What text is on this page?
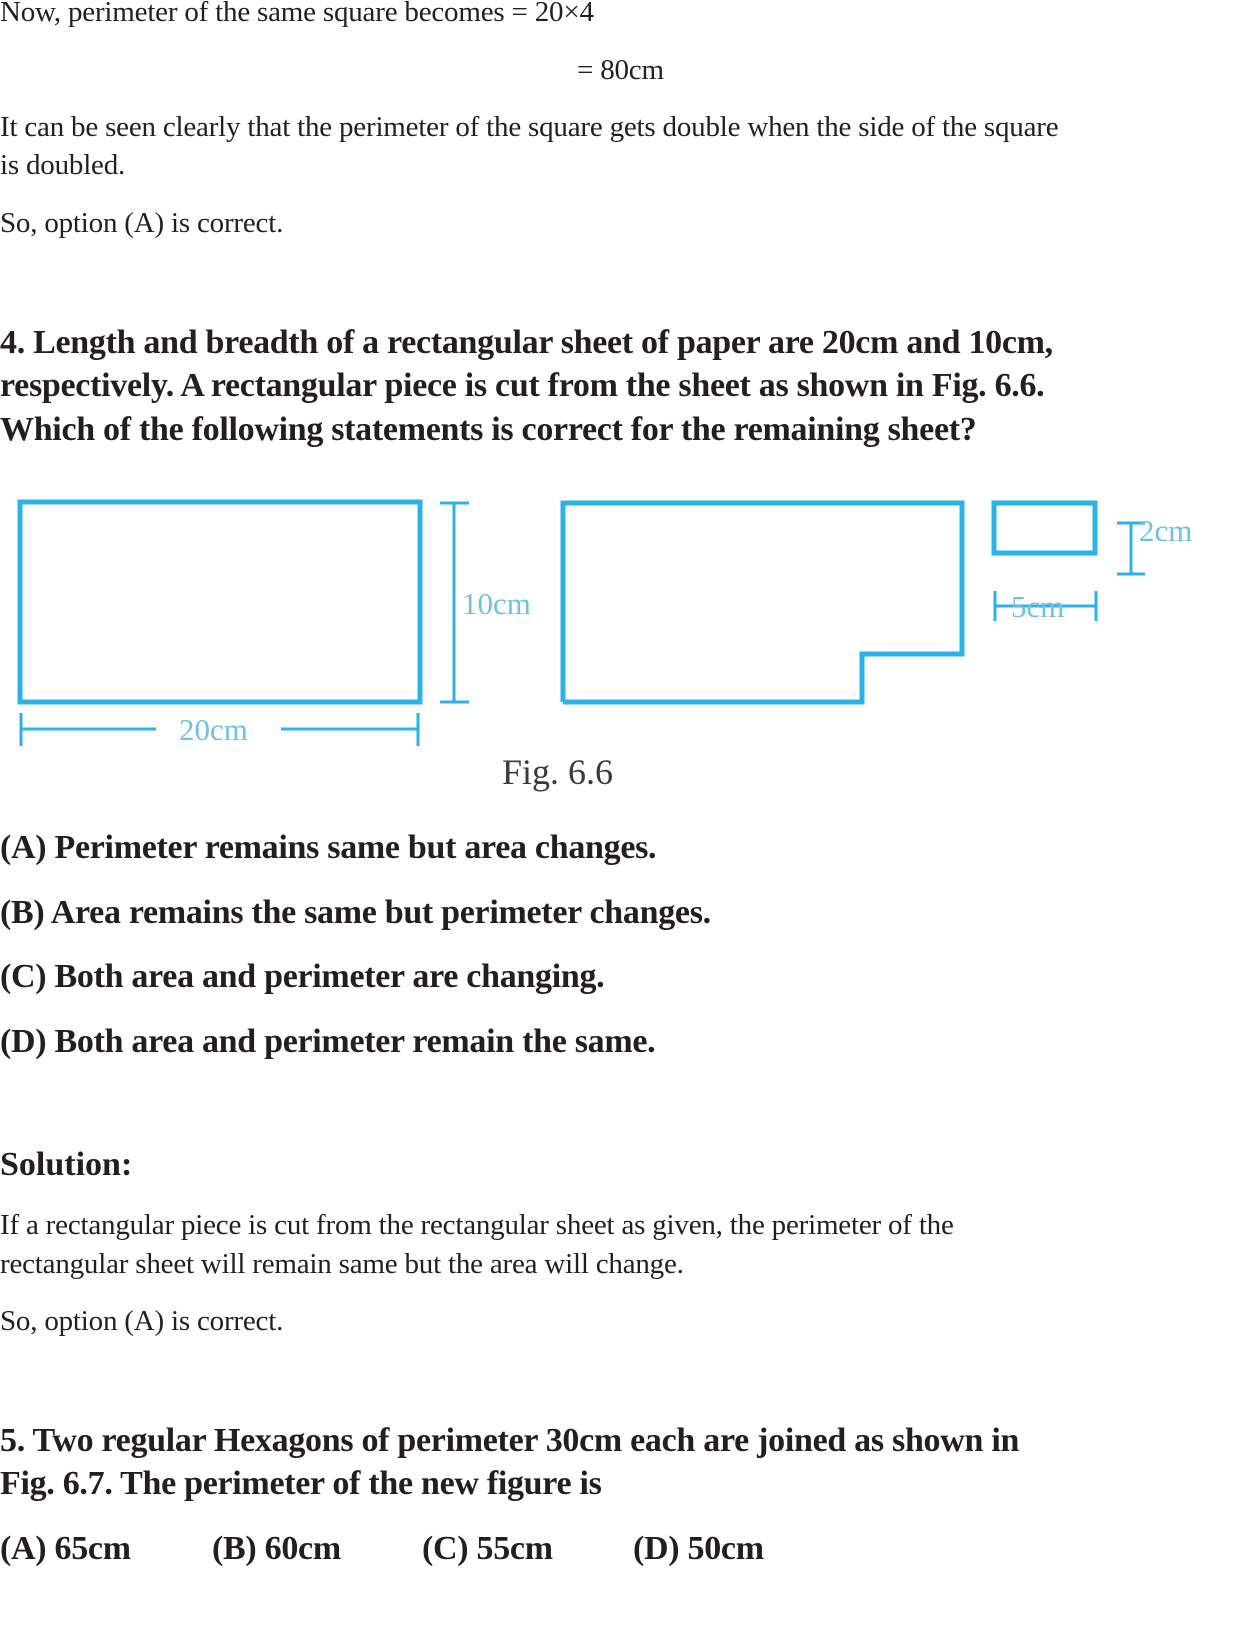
Now, perimeter of the same square becomes = 20×4
= 80cm
It can be seen clearly that the perimeter of the square gets double when the side of the square
is doubled.
So, option (A) is correct.
4. Length and breadth of a rectangular sheet of paper are 20cm and 10cm,
respectively. A rectangular piece is cut from the sheet as shown in Fig. 6.6.
Which of the following statements is correct for the remaining sheet?
10cm
20cm
2cm
5cm
Fig. 6.6
(A) Perimeter remains same but area changes.
(B) Area remains the same but perimeter changes.
(C) Both area and perimeter are changing.
(D) Both area and perimeter remain the same.
Solution:
If a rectangular piece is cut from the rectangular sheet as given, the perimeter of the
rectangular sheet will remain same but the area will change.
So, option (A) is correct.
5. Two regular Hexagons of perimeter 30cm each are joined as shown in
Fig. 6.7. The perimeter of the new figure is
(A) 65cm (B) 60cm (C) 55cm (D) 50cm
